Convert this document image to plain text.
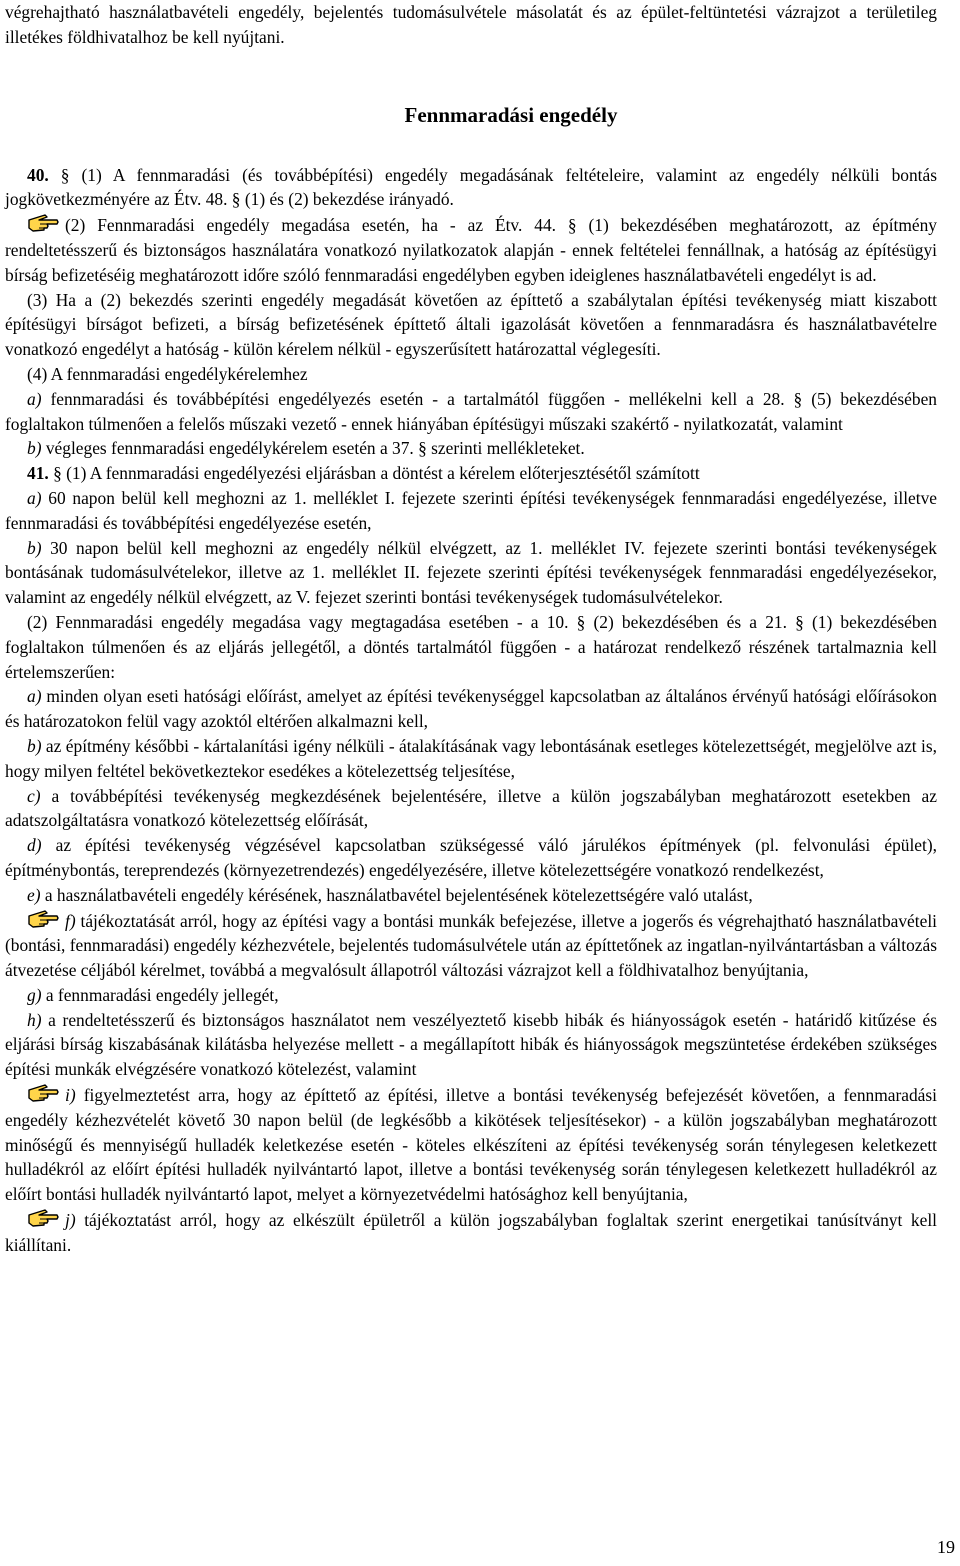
végrehajtható használatbavételi engedély, bejelentés tudomásulvétele másolatát és az épület-feltüntetési vázrajzot a területileg illetékes földhivatalhoz be kell nyújtani.

Fennmaradási engedély

40. § (1) A fennmaradási (és továbbépítési) engedély megadásának feltételeire, valamint az engedély nélküli bontás jogkövetkezményére az Étv. 48. § (1) és (2) bekezdése irányadó.

(2) Fennmaradási engedély megadása esetén, ha - az Étv. 44. § (1) bekezdésében meghatározott, az építmény rendeltetésszerű és biztonságos használatára vonatkozó nyilatkozatok alapján - ennek feltételei fennállnak, a hatóság az építésügyi bírság befizetéséig meghatározott időre szóló fennmaradási engedélyben egyben ideiglenes használatbavételi engedélyt is ad.

(3) Ha a (2) bekezdés szerinti engedély megadását követően az építtető a szabálytalan építési tevékenység miatt kiszabott építésügyi bírságot befizeti, a bírság befizetésének építtető általi igazolását követően a fennmaradásra és használatbavételre vonatkozó engedélyt a hatóság - külön kérelem nélkül - egyszerűsített határozattal véglegesíti.

(4) A fennmaradási engedélykérelemhez

a) fennmaradási és továbbépítési engedélyezés esetén - a tartalmától függően - mellékelni kell a 28. § (5) bekezdésében foglaltakon túlmenően a felelős műszaki vezető - ennek hiányában építésügyi műszaki szakértő - nyilatkozatát, valamint

b) végleges fennmaradási engedélykérelem esetén a 37. § szerinti mellékleteket.

41. § (1) A fennmaradási engedélyezési eljárásban a döntést a kérelem előterjesztésétől számított

a) 60 napon belül kell meghozni az 1. melléklet I. fejezete szerinti építési tevékenységek fennmaradási engedélyezése, illetve fennmaradási és továbbépítési engedélyezése esetén,

b) 30 napon belül kell meghozni az engedély nélkül elvégzett, az 1. melléklet IV. fejezete szerinti bontási tevékenységek bontásának tudomásulvételekor, illetve az 1. melléklet II. fejezete szerinti építési tevékenységek fennmaradási engedélyezésekor, valamint az engedély nélkül elvégzett, az V. fejezet szerinti bontási tevékenységek tudomásulvételekor.

(2) Fennmaradási engedély megadása vagy megtagadása esetében - a 10. § (2) bekezdésében és a 21. § (1) bekezdésében foglaltakon túlmenően és az eljárás jellegétől, a döntés tartalmától függően - a határozat rendelkező részének tartalmaznia kell értelemszerűen:

a) minden olyan eseti hatósági előírást, amelyet az építési tevékenységgel kapcsolatban az általános érvényű hatósági előírásokon és határozatokon felül vagy azoktól eltérően alkalmazni kell,

b) az építmény későbbi - kártalanítási igény nélküli - átalakításának vagy lebontásának esetleges kötelezettségét, megjelölve azt is, hogy milyen feltétel bekövetkeztekor esedékes a kötelezettség teljesítése,

c) a továbbépítési tevékenység megkezdésének bejelentésére, illetve a külön jogszabályban meghatározott esetekben az adatszolgáltatásra vonatkozó kötelezettség előírását,

d) az építési tevékenység végzésével kapcsolatban szükségessé váló járulékos építmények (pl. felvonulási épület), építménybontás, tereprendezés (környezetrendezés) engedélyezésére, illetve kötelezettségére vonatkozó rendelkezést,

e) a használatbavételi engedély kérésének, használatbavétel bejelentésének kötelezettségére való utalást,

f) tájékoztatását arról, hogy az építési vagy a bontási munkák befejezése, illetve a jogerős és végrehajtható használatbavételi (bontási, fennmaradási) engedély kézhezvétele, bejelentés tudomásulvétele után az építtetőnek az ingatlan-nyilvántartásban a változás átvezetése céljából kérelmet, továbbá a megvalósult állapotról változási vázrajzot kell a földhivatalhoz benyújtania,

g) a fennmaradási engedély jellegét,

h) a rendeltetésszerű és biztonságos használatot nem veszélyeztető kisebb hibák és hiányosságok esetén - határidő kitűzése és eljárási bírság kiszabásának kilátásba helyezése mellett - a megállapított hibák és hiányosságok megszüntetése érdekében szükséges építési munkák elvégzésére vonatkozó kötelezést, valamint

i) figyelmeztetést arra, hogy az építtető az építési, illetve a bontási tevékenység befejezését követően, a fennmaradási engedély kézhezvételét követő 30 napon belül (de legkésőbb a kikötések teljesítésekor) - a külön jogszabályban meghatározott minőségű és mennyiségű hulladék keletkezése esetén - köteles elkészíteni az építési tevékenység során ténylegesen keletkezett hulladékról az előírt építési hulladék nyilvántartó lapot, illetve a bontási tevékenység során ténylegesen keletkezett hulladékról az előírt bontási hulladék nyilvántartó lapot, melyet a környezetvédelmi hatósághoz kell benyújtania,

j) tájékoztatást arról, hogy az elkészült épületről a külön jogszabályban foglaltak szerint energetikai tanúsítványt kell kiállítani.

19
